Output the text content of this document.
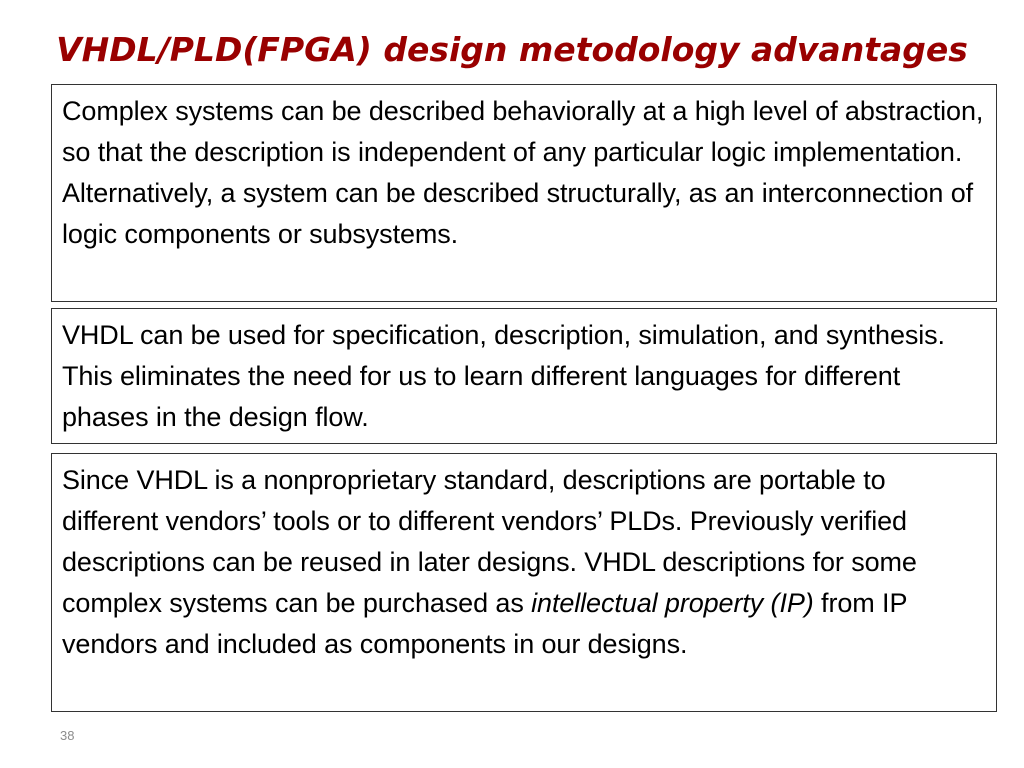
VHDL/PLD(FPGA) design metodology advantages

Complex systems can be described behaviorally at a high level of abstraction, so that the description is independent of any particular logic implementation. Alternatively, a system can be described structurally, as an interconnection of logic components or subsystems.

VHDL can be used for specification, description, simulation, and synthesis. This eliminates the need for us to learn different languages for different phases in the design flow.

Since VHDL is a nonproprietary standard, descriptions are portable to different vendors’ tools or to different vendors’ PLDs. Previously verified descriptions can be reused in later designs. VHDL descriptions for some complex systems can be purchased as intellectual property (IP) from IP vendors and included as components in our designs.

38
